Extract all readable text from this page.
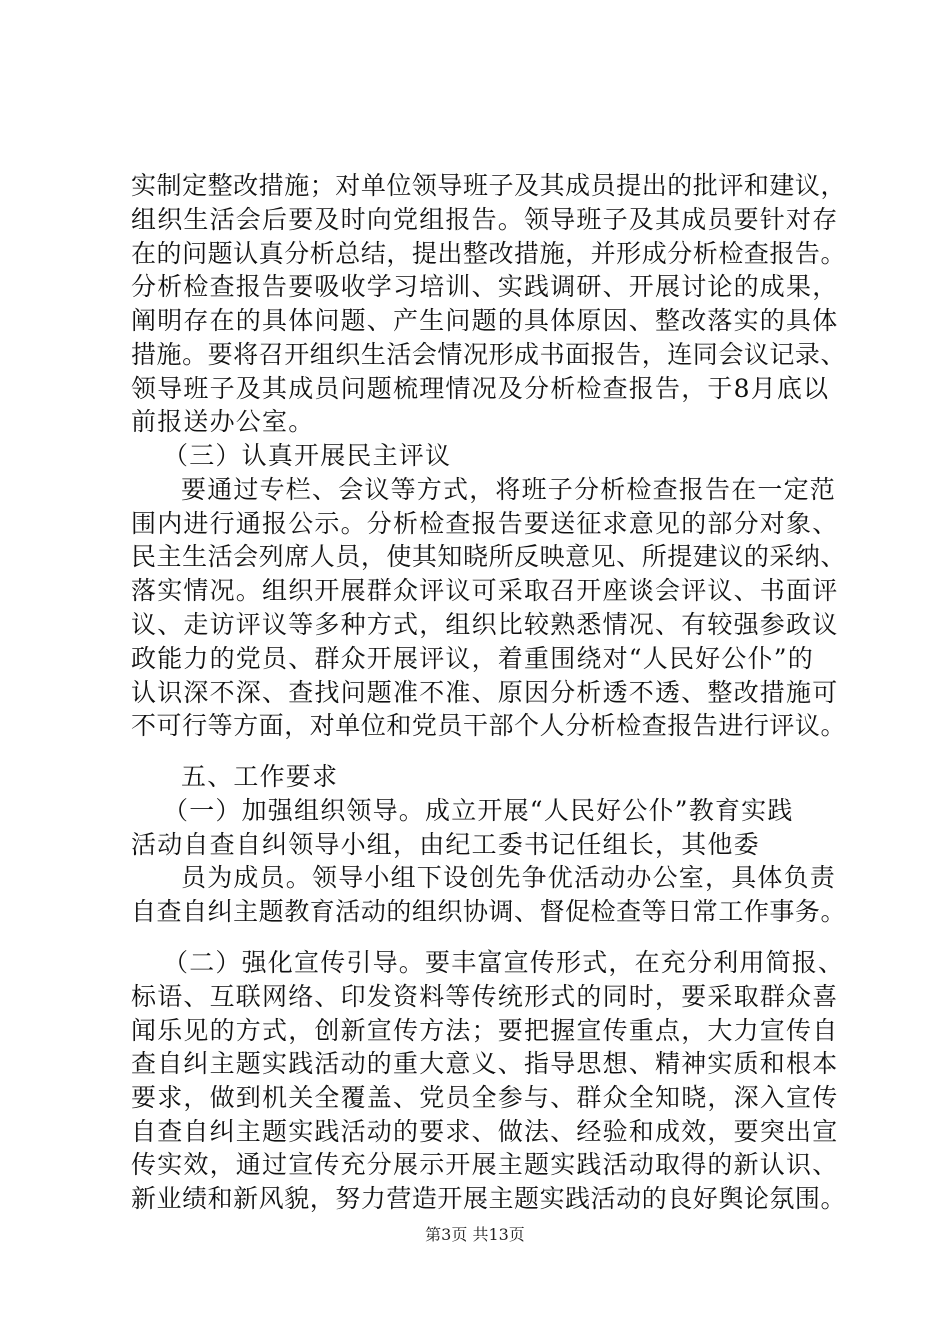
实制定整改措施；对单位领导班子及其成员提出的批评和建议，
组织生活会后要及时向党组报告。领导班子及其成员要针对存
在的问题认真分析总结，提出整改措施，并形成分析检查报告。
分析检查报告要吸收学习培训、实践调研、开展讨论的成果，
阐明存在的具体问题、产生问题的具体原因、整改落实的具体
措施。要将召开组织生活会情况形成书面报告，连同会议记录、
领导班子及其成员问题梳理情况及分析检查报告，于8月底以
前报送办公室。
（三）认真开展民主评议
要通过专栏、会议等方式，将班子分析检查报告在一定范
围内进行通报公示。分析检查报告要送征求意见的部分对象、
民主生活会列席人员，使其知晓所反映意见、所提建议的采纳、
落实情况。组织开展群众评议可采取召开座谈会评议、书面评
议、走访评议等多种方式，组织比较熟悉情况、有较强参政议
政能力的党员、群众开展评议，着重围绕对“人民好公仆”的
认识深不深、查找问题准不准、原因分析透不透、整改措施可
不可行等方面，对单位和党员干部个人分析检查报告进行评议。
五、工作要求
（一）加强组织领导。成立开展“人民好公仆”教育实践
活动自查自纠领导小组，由纪工委书记任组长，其他委
员为成员。领导小组下设创先争优活动办公室，具体负责
自查自纠主题教育活动的组织协调、督促检查等日常工作事务。
（二）强化宣传引导。要丰富宣传形式，在充分利用简报、
标语、互联网络、印发资料等传统形式的同时，要采取群众喜
闻乐见的方式，创新宣传方法；要把握宣传重点，大力宣传自
查自纠主题实践活动的重大意义、指导思想、精神实质和根本
要求，做到机关全覆盖、党员全参与、群众全知晓，深入宣传
自查自纠主题实践活动的要求、做法、经验和成效，要突出宣
传实效，通过宣传充分展示开展主题实践活动取得的新认识、
新业绩和新风貌，努力营造开展主题实践活动的良好舆论氛围。
第3页 共13页
